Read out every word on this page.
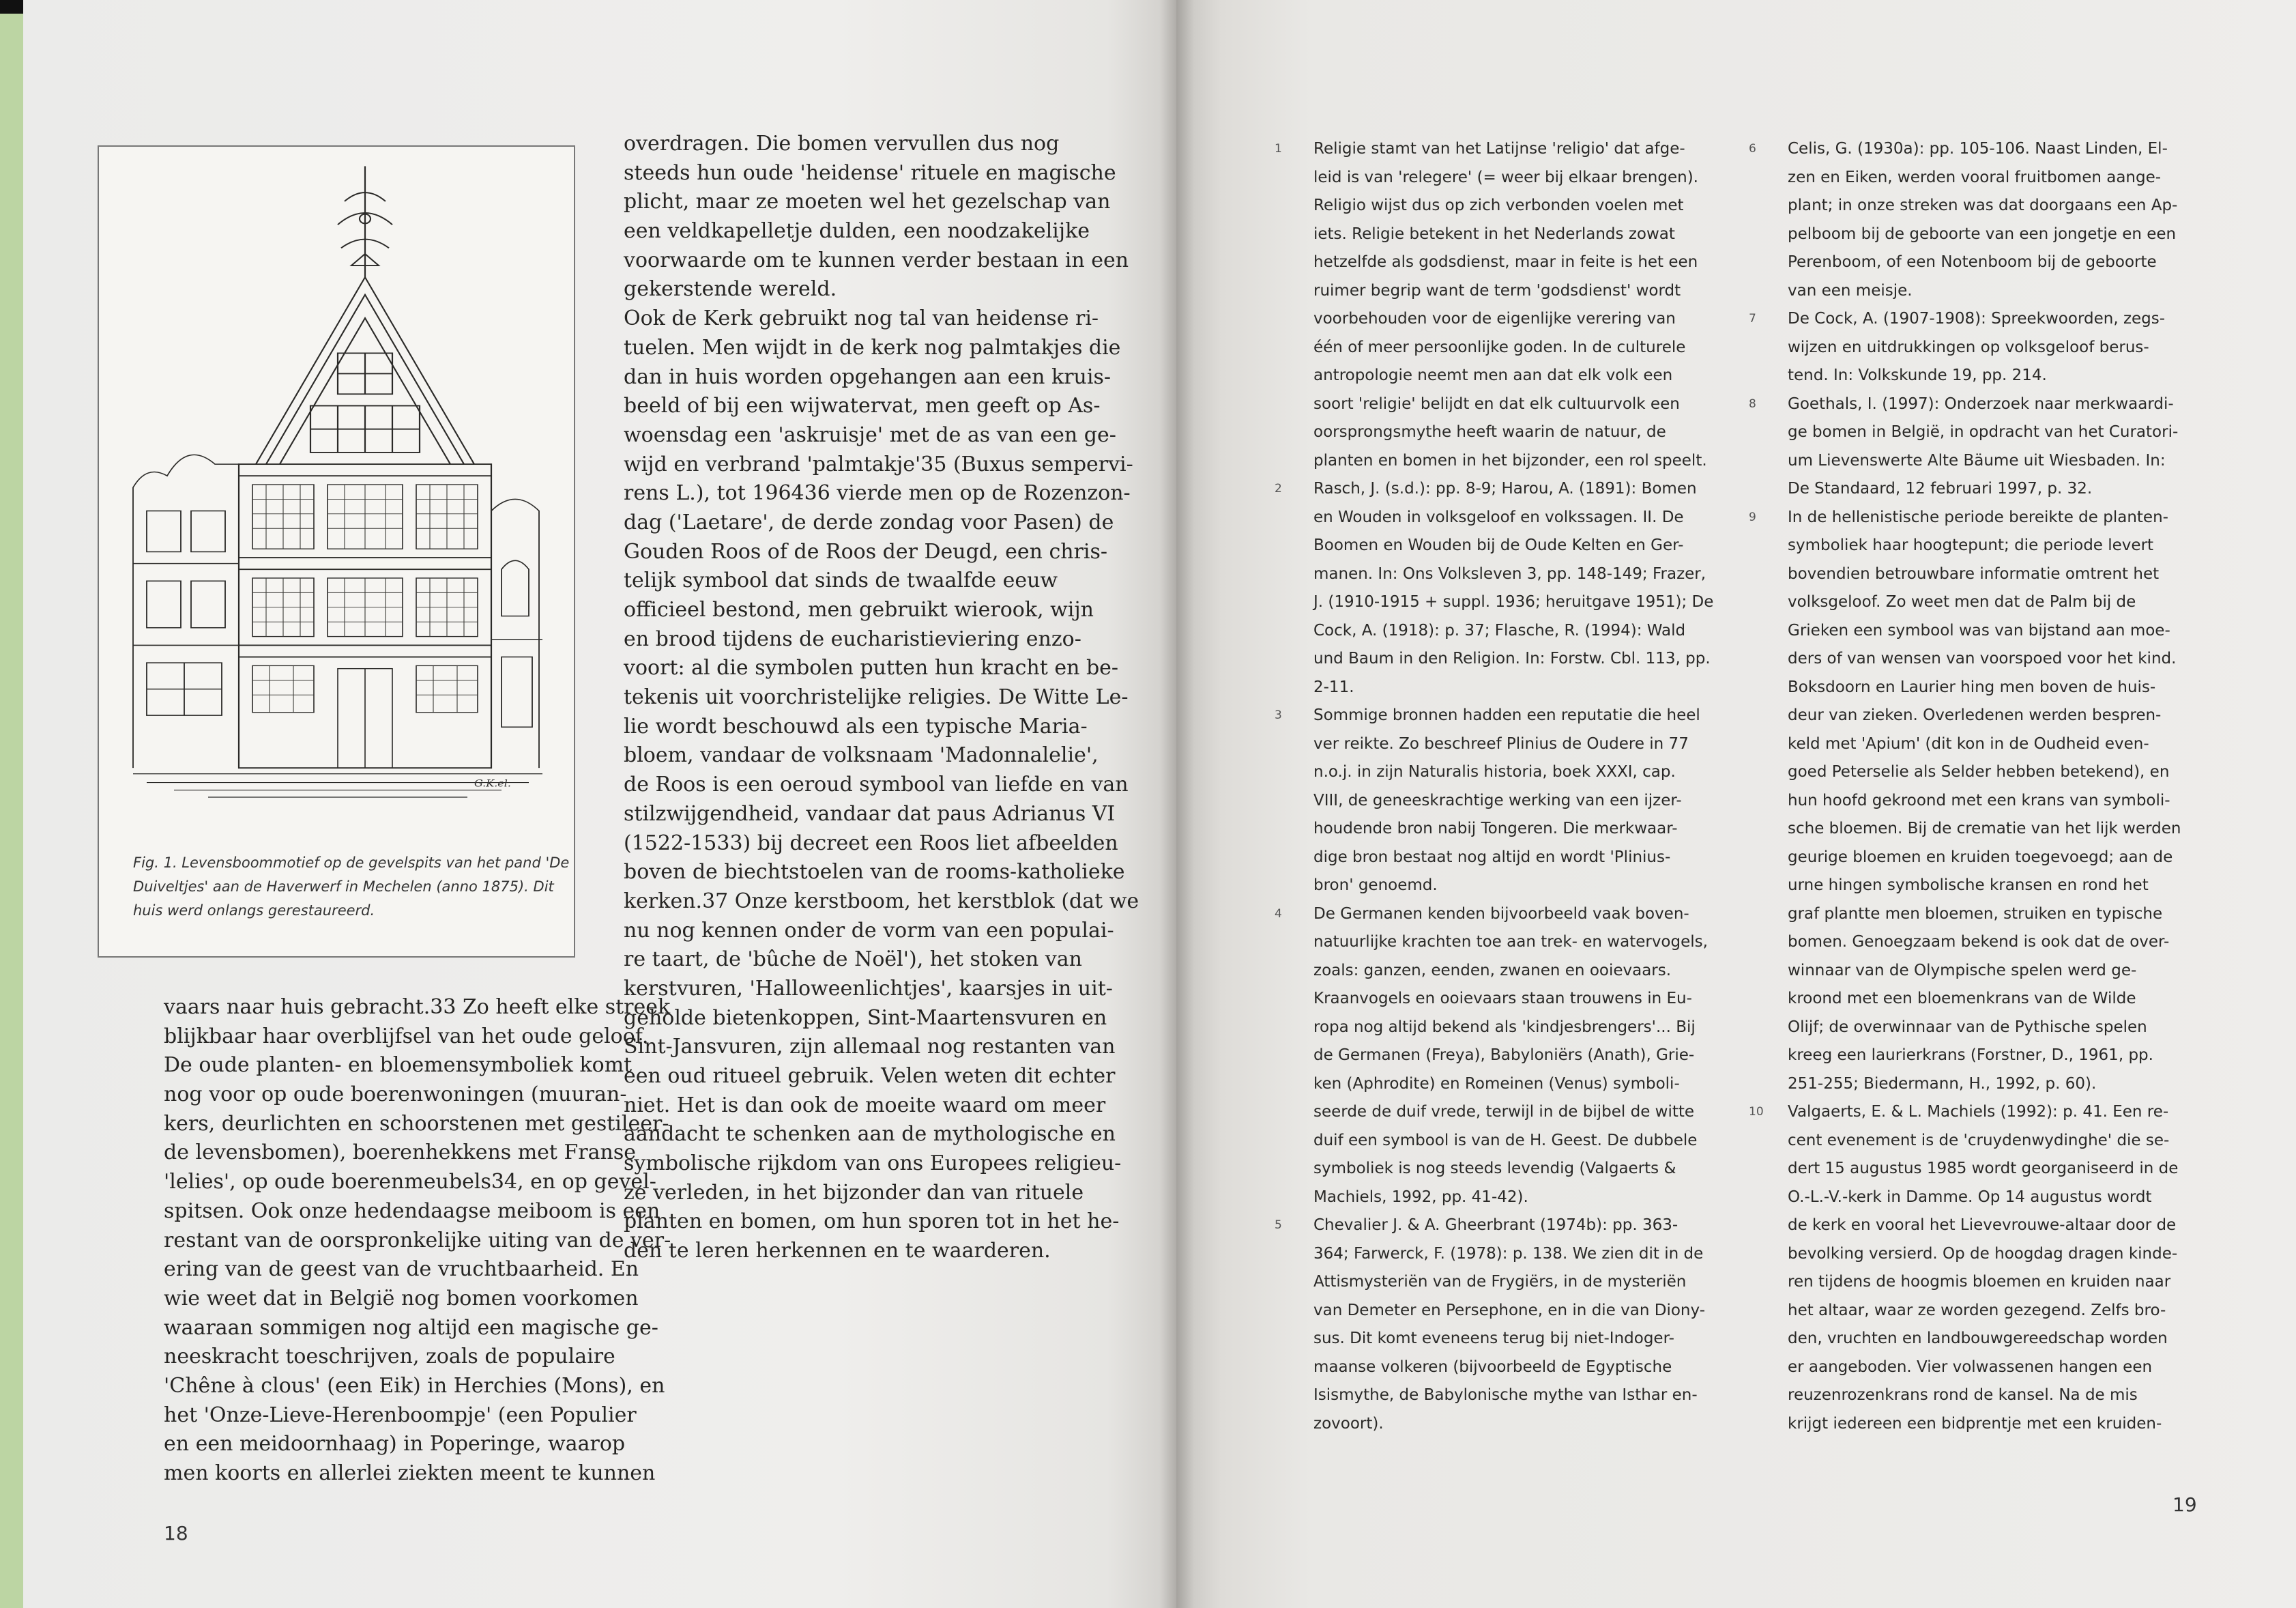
G.K.el.
Fig. 1. Levensboommotief op de gevelspits van het pand 'De
Duiveltjes' aan de Haverwerf in Mechelen (anno 1875). Dit
huis werd onlangs gerestaureerd.
vaars naar huis gebracht.33 Zo heeft elke streek
blijkbaar haar overblijfsel van het oude geloof.
De oude planten- en bloemensymboliek komt
nog voor op oude boerenwoningen (muuran-
kers, deurlichten en schoorstenen met gestileer-
de levensbomen), boerenhekkens met Franse
'lelies', op oude boerenmeubels34, en op gevel-
spitsen. Ook onze hedendaagse meiboom is een
restant van de oorspronkelijke uiting van de ver-
ering van de geest van de vruchtbaarheid. En
wie weet dat in België nog bomen voorkomen
waaraan sommigen nog altijd een magische ge-
neeskracht toeschrijven, zoals de populaire
'Chêne à clous' (een Eik) in Herchies (Mons), en
het 'Onze-Lieve-Herenboompje' (een Populier
en een meidoornhaag) in Poperinge, waarop
men koorts en allerlei ziekten meent te kunnen
overdragen. Die bomen vervullen dus nog
steeds hun oude 'heidense' rituele en magische
plicht, maar ze moeten wel het gezelschap van
een veldkapelletje dulden, een noodzakelijke
voorwaarde om te kunnen verder bestaan in een
gekerstende wereld.
Ook de Kerk gebruikt nog tal van heidense ri-
tuelen. Men wijdt in de kerk nog palmtakjes die
dan in huis worden opgehangen aan een kruis-
beeld of bij een wijwatervat, men geeft op As-
woensdag een 'askruisje' met de as van een ge-
wijd en verbrand 'palmtakje'35 (Buxus sempervi-
rens L.), tot 196436 vierde men op de Rozenzon-
dag ('Laetare', de derde zondag voor Pasen) de
Gouden Roos of de Roos der Deugd, een chris-
telijk symbool dat sinds de twaalfde eeuw
officieel bestond, men gebruikt wierook, wijn
en brood tijdens de eucharistieviering enzo-
voort: al die symbolen putten hun kracht en be-
tekenis uit voorchristelijke religies. De Witte Le-
lie wordt beschouwd als een typische Maria-
bloem, vandaar de volksnaam 'Madonnalelie',
de Roos is een oeroud symbool van liefde en van
stilzwijgendheid, vandaar dat paus Adrianus VI
(1522-1533) bij decreet een Roos liet afbeelden
boven de biechtstoelen van de rooms-katholieke
kerken.37 Onze kerstboom, het kerstblok (dat we
nu nog kennen onder de vorm van een populai-
re taart, de 'bûche de Noël'), het stoken van
kerstvuren, 'Halloweenlichtjes', kaarsjes in uit-
geholde bietenkoppen, Sint-Maartensvuren en
Sint-Jansvuren, zijn allemaal nog restanten van
een oud ritueel gebruik. Velen weten dit echter
niet. Het is dan ook de moeite waard om meer
aandacht te schenken aan de mythologische en
symbolische rijkdom van ons Europees religieu-
ze verleden, in het bijzonder dan van rituele
planten en bomen, om hun sporen tot in het he-
den te leren herkennen en te waarderen.
18
1 Religie stamt van het Latijnse 'religio' dat afge-
leid is van 'relegere' (= weer bij elkaar brengen).
Religio wijst dus op zich verbonden voelen met
iets. Religie betekent in het Nederlands zowat
hetzelfde als godsdienst, maar in feite is het een
ruimer begrip want de term 'godsdienst' wordt
voorbehouden voor de eigenlijke verering van
één of meer persoonlijke goden. In de culturele
antropologie neemt men aan dat elk volk een
soort 'religie' belijdt en dat elk cultuurvolk een
oorsprongsmythe heeft waarin de natuur, de
planten en bomen in het bijzonder, een rol speelt.
2 Rasch, J. (s.d.): pp. 8-9; Harou, A. (1891): Bomen
en Wouden in volksgeloof en volkssagen. II. De
Boomen en Wouden bij de Oude Kelten en Ger-
manen. In: Ons Volksleven 3, pp. 148-149; Frazer,
J. (1910-1915 + suppl. 1936; heruitgave 1951); De
Cock, A. (1918): p. 37; Flasche, R. (1994): Wald
und Baum in den Religion. In: Forstw. Cbl. 113, pp.
2-11.
3 Sommige bronnen hadden een reputatie die heel
ver reikte. Zo beschreef Plinius de Oudere in 77
n.o.j. in zijn Naturalis historia, boek XXXI, cap.
VIII, de geneeskrachtige werking van een ijzer-
houdende bron nabij Tongeren. Die merkwaar-
dige bron bestaat nog altijd en wordt 'Plinius-
bron' genoemd.
4 De Germanen kenden bijvoorbeeld vaak boven-
natuurlijke krachten toe aan trek- en watervogels,
zoals: ganzen, eenden, zwanen en ooievaars.
Kraanvogels en ooievaars staan trouwens in Eu-
ropa nog altijd bekend als 'kindjesbrengers'... Bij
de Germanen (Freya), Babyloniërs (Anath), Grie-
ken (Aphrodite) en Romeinen (Venus) symboli-
seerde de duif vrede, terwijl in de bijbel de witte
duif een symbool is van de H. Geest. De dubbele
symboliek is nog steeds levendig (Valgaerts &
Machiels, 1992, pp. 41-42).
5 Chevalier J. & A. Gheerbrant (1974b): pp. 363-
364; Farwerck, F. (1978): p. 138. We zien dit in de
Attismysteriën van de Frygiërs, in de mysteriën
van Demeter en Persephone, en in die van Diony-
sus. Dit komt eveneens terug bij niet-Indoger-
maanse volkeren (bijvoorbeeld de Egyptische
Isismythe, de Babylonische mythe van Isthar en-
zovoort).
6 Celis, G. (1930a): pp. 105-106. Naast Linden, El-
zen en Eiken, werden vooral fruitbomen aange-
plant; in onze streken was dat doorgaans een Ap-
pelboom bij de geboorte van een jongetje en een
Perenboom, of een Notenboom bij de geboorte
van een meisje.
7 De Cock, A. (1907-1908): Spreekwoorden, zegs-
wijzen en uitdrukkingen op volksgeloof berus-
tend. In: Volkskunde 19, pp. 214.
8 Goethals, I. (1997): Onderzoek naar merkwaardi-
ge bomen in België, in opdracht van het Curatori-
um Lievenswerte Alte Bäume uit Wiesbaden. In:
De Standaard, 12 februari 1997, p. 32.
9 In de hellenistische periode bereikte de planten-
symboliek haar hoogtepunt; die periode levert
bovendien betrouwbare informatie omtrent het
volksgeloof. Zo weet men dat de Palm bij de
Grieken een symbool was van bijstand aan moe-
ders of van wensen van voorspoed voor het kind.
Boksdoorn en Laurier hing men boven de huis-
deur van zieken. Overledenen werden bespren-
keld met 'Apium' (dit kon in de Oudheid even-
goed Peterselie als Selder hebben betekend), en
hun hoofd gekroond met een krans van symboli-
sche bloemen. Bij de crematie van het lijk werden
geurige bloemen en kruiden toegevoegd; aan de
urne hingen symbolische kransen en rond het
graf plantte men bloemen, struiken en typische
bomen. Genoegzaam bekend is ook dat de over-
winnaar van de Olympische spelen werd ge-
kroond met een bloemenkrans van de Wilde
Olijf; de overwinnaar van de Pythische spelen
kreeg een laurierkrans (Forstner, D., 1961, pp.
251-255; Biedermann, H., 1992, p. 60).
10 Valgaerts, E. & L. Machiels (1992): p. 41. Een re-
cent evenement is de 'cruydenwydinghe' die se-
dert 15 augustus 1985 wordt georganiseerd in de
O.-L.-V.-kerk in Damme. Op 14 augustus wordt
de kerk en vooral het Lievevrouwe-altaar door de
bevolking versierd. Op de hoogdag dragen kinde-
ren tijdens de hoogmis bloemen en kruiden naar
het altaar, waar ze worden gezegend. Zelfs bro-
den, vruchten en landbouwgereedschap worden
er aangeboden. Vier volwassenen hangen een
reuzenrozenkrans rond de kansel. Na de mis
krijgt iedereen een bidprentje met een kruiden-
19
